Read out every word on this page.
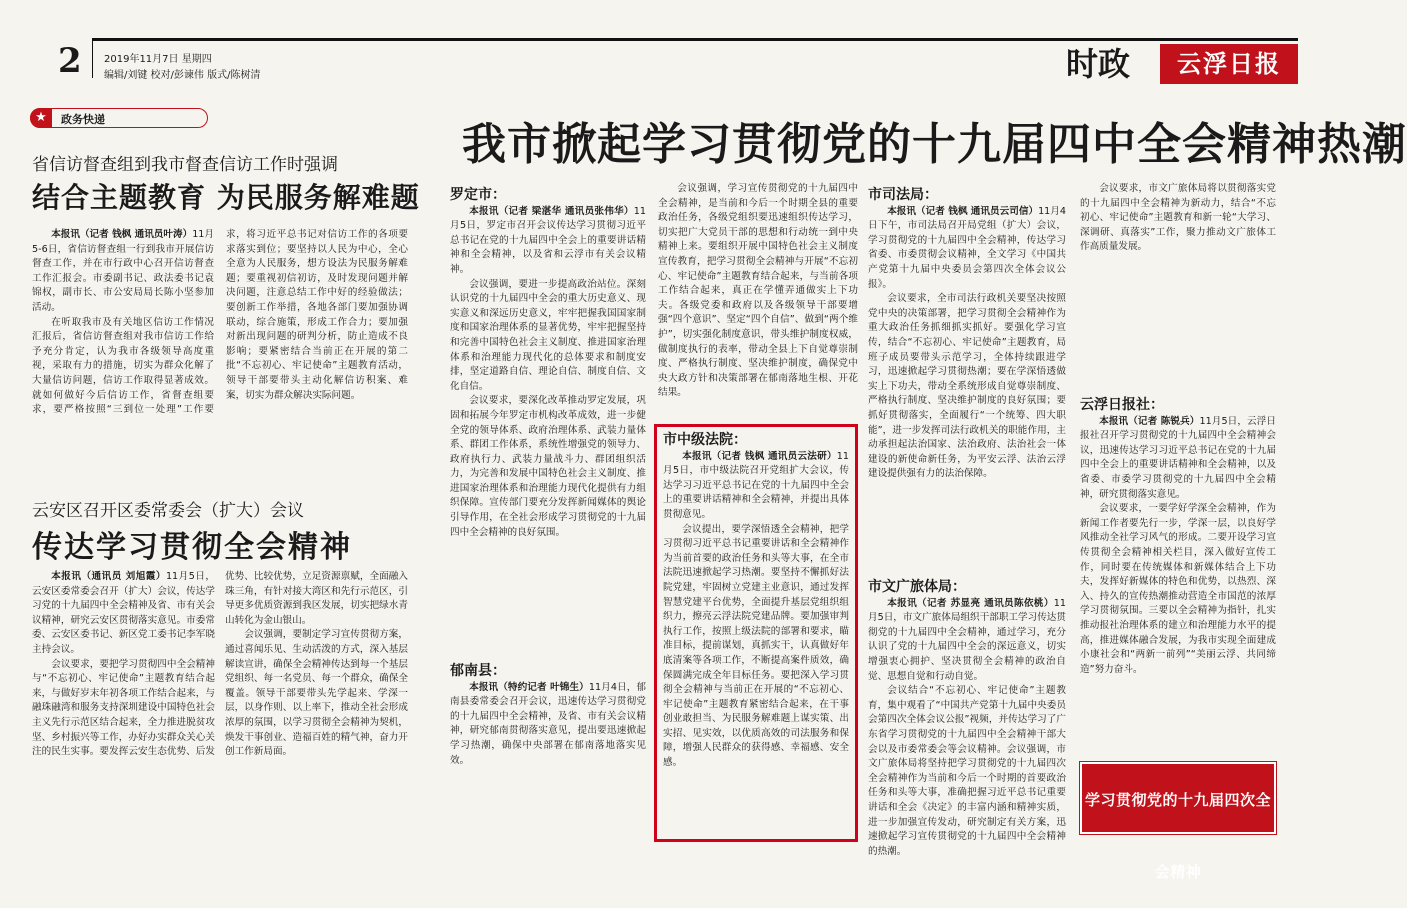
2 2019年11月7日 星期四
编辑/刘键 校对/彭谏伟 版式/陈树清	时政	云浮日报
★	政务快递
省信访督查组到我市督查信访工作时强调
结合主题教育 为民服务解难题

本报讯（记者 钱枫 通讯员叶涛）11月5-6日，省信访督查组一行到我市开展信访督查工作，并在市行政中心召开信访督查工作汇报会。市委副书记、政法委书记袁锦权，副市长、市公安局局长陈小坚参加活动。

在听取我市及有关地区信访工作情况汇报后，省信访督查组对我市信访工作给予充分肯定，认为我市各级领导高度重视，采取有力的措施，切实为群众化解了大量信访问题，信访工作取得显著成效。就如何做好今后信访工作，省督查组要求，要严格按照“三到位一处理”工作要求，将习近平总书记对信访工作的各项要求落实到位；要坚持以人民为中心，全心全意为人民服务，想方设法为民服务解难题；要重视初信初访，及时发现问题并解决问题，注意总结工作中好的经验做法；要创新工作举措，各地各部门要加强协调联动，综合施策，形成工作合力；要加强对新出现问题的研判分析，防止造成不良影响；要紧密结合当前正在开展的第二批“不忘初心、牢记使命”主题教育活动，领导干部要带头主动化解信访积案、难案，切实为群众解决实际问题。

云安区召开区委常委会（扩大）会议
传达学习贯彻全会精神

本报讯（通讯员 刘旭霞）11月5日，云安区委常委会召开（扩大）会议，传达学习党的十九届四中全会精神及省、市有关会议精神，研究云安区贯彻落实意见。市委常委、云安区委书记、新区党工委书记李军晓主持会议。

会议要求，要把学习贯彻四中全会精神与“不忘初心、牢记使命”主题教育结合起来，与做好岁末年初各项工作结合起来，与融珠融湾和服务支持深圳建设中国特色社会主义先行示范区结合起来，全力推进脱贫攻坚、乡村振兴等工作，办好办实群众关心关注的民生实事。要发挥云安生态优势、后发优势、比较优势，立足资源禀赋，全面融入珠三角，有针对接大湾区和先行示范区，引导更多优质资源到我区发展，切实把绿水青山转化为金山银山。

会议强调，要制定学习宣传贯彻方案，通过喜闻乐见、生动活泼的方式，深入基层解读宣讲，确保全会精神传达到每一个基层党组织、每一名党员、每一个群众，确保全覆盖。领导干部要带头先学起来、学深一层，以身作则、以上率下，推动全社会形成浓厚的氛围，以学习贯彻全会精神为契机，焕发干事创业、造福百姓的精气神，奋力开创工作新局面。

我市掀起学习贯彻党的十九届四中全会精神热潮
罗定市：

本报讯（记者 梁湛华 通讯员张伟华）11月5日，罗定市召开会议传达学习贯彻习近平总书记在党的十九届四中全会上的重要讲话精神和全会精神，以及省和云浮市有关会议精神。

会议强调，要进一步提高政治站位。深刻认识党的十九届四中全会的重大历史意义、现实意义和深远历史意义，牢牢把握我国国家制度和国家治理体系的显著优势，牢牢把握坚持和完善中国特色社会主义制度、推进国家治理体系和治理能力现代化的总体要求和制度安排，坚定道路自信、理论自信、制度自信、文化自信。

会议要求，要深化改革推动罗定发展，巩固和拓展今年罗定市机构改革成效，进一步健全党的领导体系、政府治理体系、武装力量体系、群团工作体系，系统性增强党的领导力、政府执行力、武装力量战斗力、群团组织活力，为完善和发展中国特色社会主义制度、推进国家治理体系和治理能力现代化提供有力组织保障。宣传部门要充分发挥新闻媒体的舆论引导作用，在全社会形成学习贯彻党的十九届四中全会精神的良好氛围。

郁南县：

本报讯（特约记者 叶锦生）11月4日，郁南县委常委会召开会议，迅速传达学习贯彻党的十九届四中全会精神，及省、市有关会议精神，研究郁南贯彻落实意见，提出要迅速掀起学习热潮，确保中央部署在郁南落地落实见效。

会议强调，学习宣传贯彻党的十九届四中全会精神，是当前和今后一个时期全县的重要政治任务，各级党组织要迅速组织传达学习，切实把广大党员干部的思想和行动统一到中央精神上来。要组织开展中国特色社会主义制度宣传教育，把学习贯彻全会精神与开展“不忘初心、牢记使命”主题教育结合起来，与当前各项工作结合起来，真正在学懂弄通做实上下功夫。各级党委和政府以及各级领导干部要增强“四个意识”、坚定“四个自信”、做到“两个维护”，切实强化制度意识，带头维护制度权威，做制度执行的表率，带动全县上下自觉尊崇制度、严格执行制度、坚决维护制度，确保党中央大政方针和决策部署在郁南落地生根、开花结果。

市中级法院：

本报讯（记者 钱枫 通讯员云法研）11月5日，市中级法院召开党组扩大会议，传达学习习近平总书记在党的十九届四中全会上的重要讲话精神和全会精神，并提出具体贯彻意见。

会议提出，要学深悟透全会精神，把学习贯彻习近平总书记重要讲话和全会精神作为当前首要的政治任务和头等大事，在全市法院迅速掀起学习热潮。要坚持不懈抓好法院党建，牢固树立党建主业意识，通过发挥智慧党建平台优势，全面提升基层党组织组织力，擦亮云浮法院党建品牌。要加强审判执行工作，按照上级法院的部署和要求，瞄准目标，提前谋划，真抓实干，认真做好年底清案等各项工作，不断提高案件质效，确保圆满完成全年目标任务。要把深入学习贯彻全会精神与当前正在开展的“不忘初心、牢记使命”主题教育紧密结合起来，在干事创业敢担当、为民服务解难题上谋实策、出实招、见实效，以优质高效的司法服务和保障，增强人民群众的获得感、幸福感、安全感。

市司法局：

本报讯（记者 钱枫 通讯员云司信）11月4日下午，市司法局召开局党组（扩大）会议，学习贯彻党的十九届四中全会精神，传达学习省委、市委贯彻会议精神，全文学习《中国共产党第十九届中央委员会第四次全体会议公报》。

会议要求，全市司法行政机关要坚决按照党中央的决策部署，把学习贯彻全会精神作为重大政治任务抓细抓实抓好。要强化学习宣传，结合“不忘初心、牢记使命”主题教育，局班子成员要带头示范学习，全体持续跟进学习，迅速掀起学习贯彻热潮；要在学深悟透做实上下功夫，带动全系统形成自觉尊崇制度、严格执行制度、坚决维护制度的良好氛围；要抓好贯彻落实，全面履行“一个统筹、四大职能”，进一步发挥司法行政机关的职能作用，主动承担起法治国家、法治政府、法治社会一体建设的新使命新任务，为平安云浮、法治云浮建设提供强有力的法治保障。

市文广旅体局：

本报讯（记者 苏显亮 通讯员陈依桃）11月5日，市文广旅体局组织干部职工学习传达贯彻党的十九届四中全会精神，通过学习，充分认识了党的十九届四中全会的深远意义，切实增强衷心拥护、坚决贯彻全会精神的政治自觉、思想自觉和行动自觉。

会议结合“不忘初心、牢记使命”主题教育，集中观看了“中国共产党第十九届中央委员会第四次全体会议公报”视频，并传达学习了广东省学习贯彻党的十九届四中全会精神干部大会以及市委常委会等会议精神。会议强调，市文广旅体局将坚持把学习贯彻党的十九届四次全会精神作为当前和今后一个时期的首要政治任务和头等大事，准确把握习近平总书记重要讲话和全会《决定》的丰富内涵和精神实质，进一步加强宣传发动，研究制定有关方案，迅速掀起学习宣传贯彻党的十九届四中全会精神的热潮。

会议要求，市文广旅体局将以贯彻落实党的十九届四中全会精神为新动力，结合“不忘初心、牢记使命”主题教育和新一轮“大学习、深调研、真落实”工作，聚力推动文广旅体工作高质量发展。

云浮日报社：

本报讯（记者 陈锐兵）11月5日，云浮日报社召开学习贯彻党的十九届四中全会精神会议，迅速传达学习习近平总书记在党的十九届四中全会上的重要讲话精神和全会精神，以及省委、市委学习贯彻党的十九届四中全会精神，研究贯彻落实意见。

会议要求，一要学好学深全会精神，作为新闻工作者要先行一步，学深一层，以良好学风推动全社学习风气的形成。二要开设学习宣传贯彻全会精神相关栏目，深入做好宣传工作，同时要在传统媒体和新媒体结合上下功夫，发挥好新媒体的特色和优势，以热烈、深入、持久的宣传热潮推动营造全市国范的浓厚学习贯彻氛围。三要以全会精神为指针，扎实推动报社治理体系的建立和治理能力水平的提高，推进媒体融合发展，为我市实现全面建成小康社会和“两新一前列”“美丽云浮、共同缔造”努力奋斗。

学习贯彻党的十九届四次全会精神
